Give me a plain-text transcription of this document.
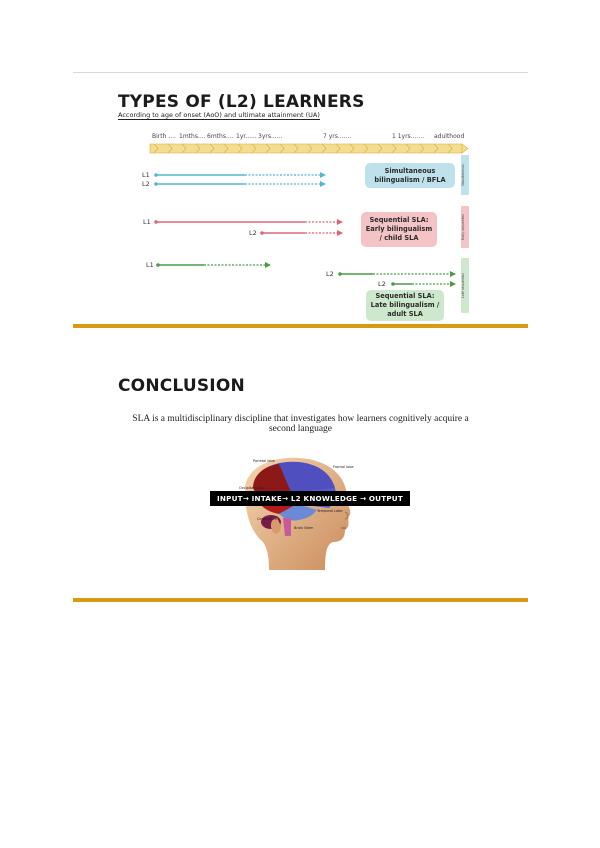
TYPES OF (L2) LEARNERS
According to age of onset (AoO) and ultimate attainment (UA)
Birth .... 1mths.... 6mths.... 1yr...... 3yrs......	7 yrs.......	1 1yrs....... adulthood
L1
L2
L1
L2
L1
L2
L2
Simultaneous
bilingualism / BFLA
Sequential SLA:
Early bilingualism
/ child SLA
Sequential SLA:
Late bilingualism /
adult SLA
Simultaneous
Early sequential
Late sequential
CONCLUSION

SLA is a multidisciplinary discipline that investigates how learners cognitively acquire a second language

Parietal lobe
Frontal lobe
Occipital lobe
Temporal Lobe
Cerebellum
Brain Stem
INPUT→ INTAKE→ L2 KNOWLEDGE → OUTPUT
